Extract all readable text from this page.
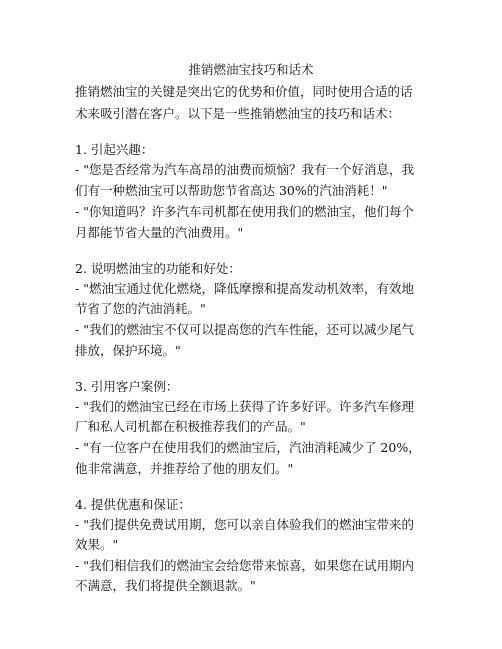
推销燃油宝技巧和话术
推销燃油宝的关键是突出它的优势和价值，同时使用合适的话
术来吸引潜在客户。以下是一些推销燃油宝的技巧和话术：
1. 引起兴趣：
- "您是否经常为汽车高昂的油费而烦恼？我有一个好消息，我
们有一种燃油宝可以帮助您节省高达 30%的汽油消耗！"
- "你知道吗？许多汽车司机都在使用我们的燃油宝，他们每个
月都能节省大量的汽油费用。"
2. 说明燃油宝的功能和好处：
- "燃油宝通过优化燃烧，降低摩擦和提高发动机效率，有效地
节省了您的汽油消耗。"
- "我们的燃油宝不仅可以提高您的汽车性能，还可以减少尾气
排放，保护环境。"
3. 引用客户案例：
- "我们的燃油宝已经在市场上获得了许多好评。许多汽车修理
厂和私人司机都在积极推荐我们的产品。"
- "有一位客户在使用我们的燃油宝后，汽油消耗减少了 20%，
他非常满意，并推荐给了他的朋友们。"
4. 提供优惠和保证：
- "我们提供免费试用期，您可以亲自体验我们的燃油宝带来的
效果。"
- "我们相信我们的燃油宝会给您带来惊喜，如果您在试用期内
不满意，我们将提供全额退款。"
